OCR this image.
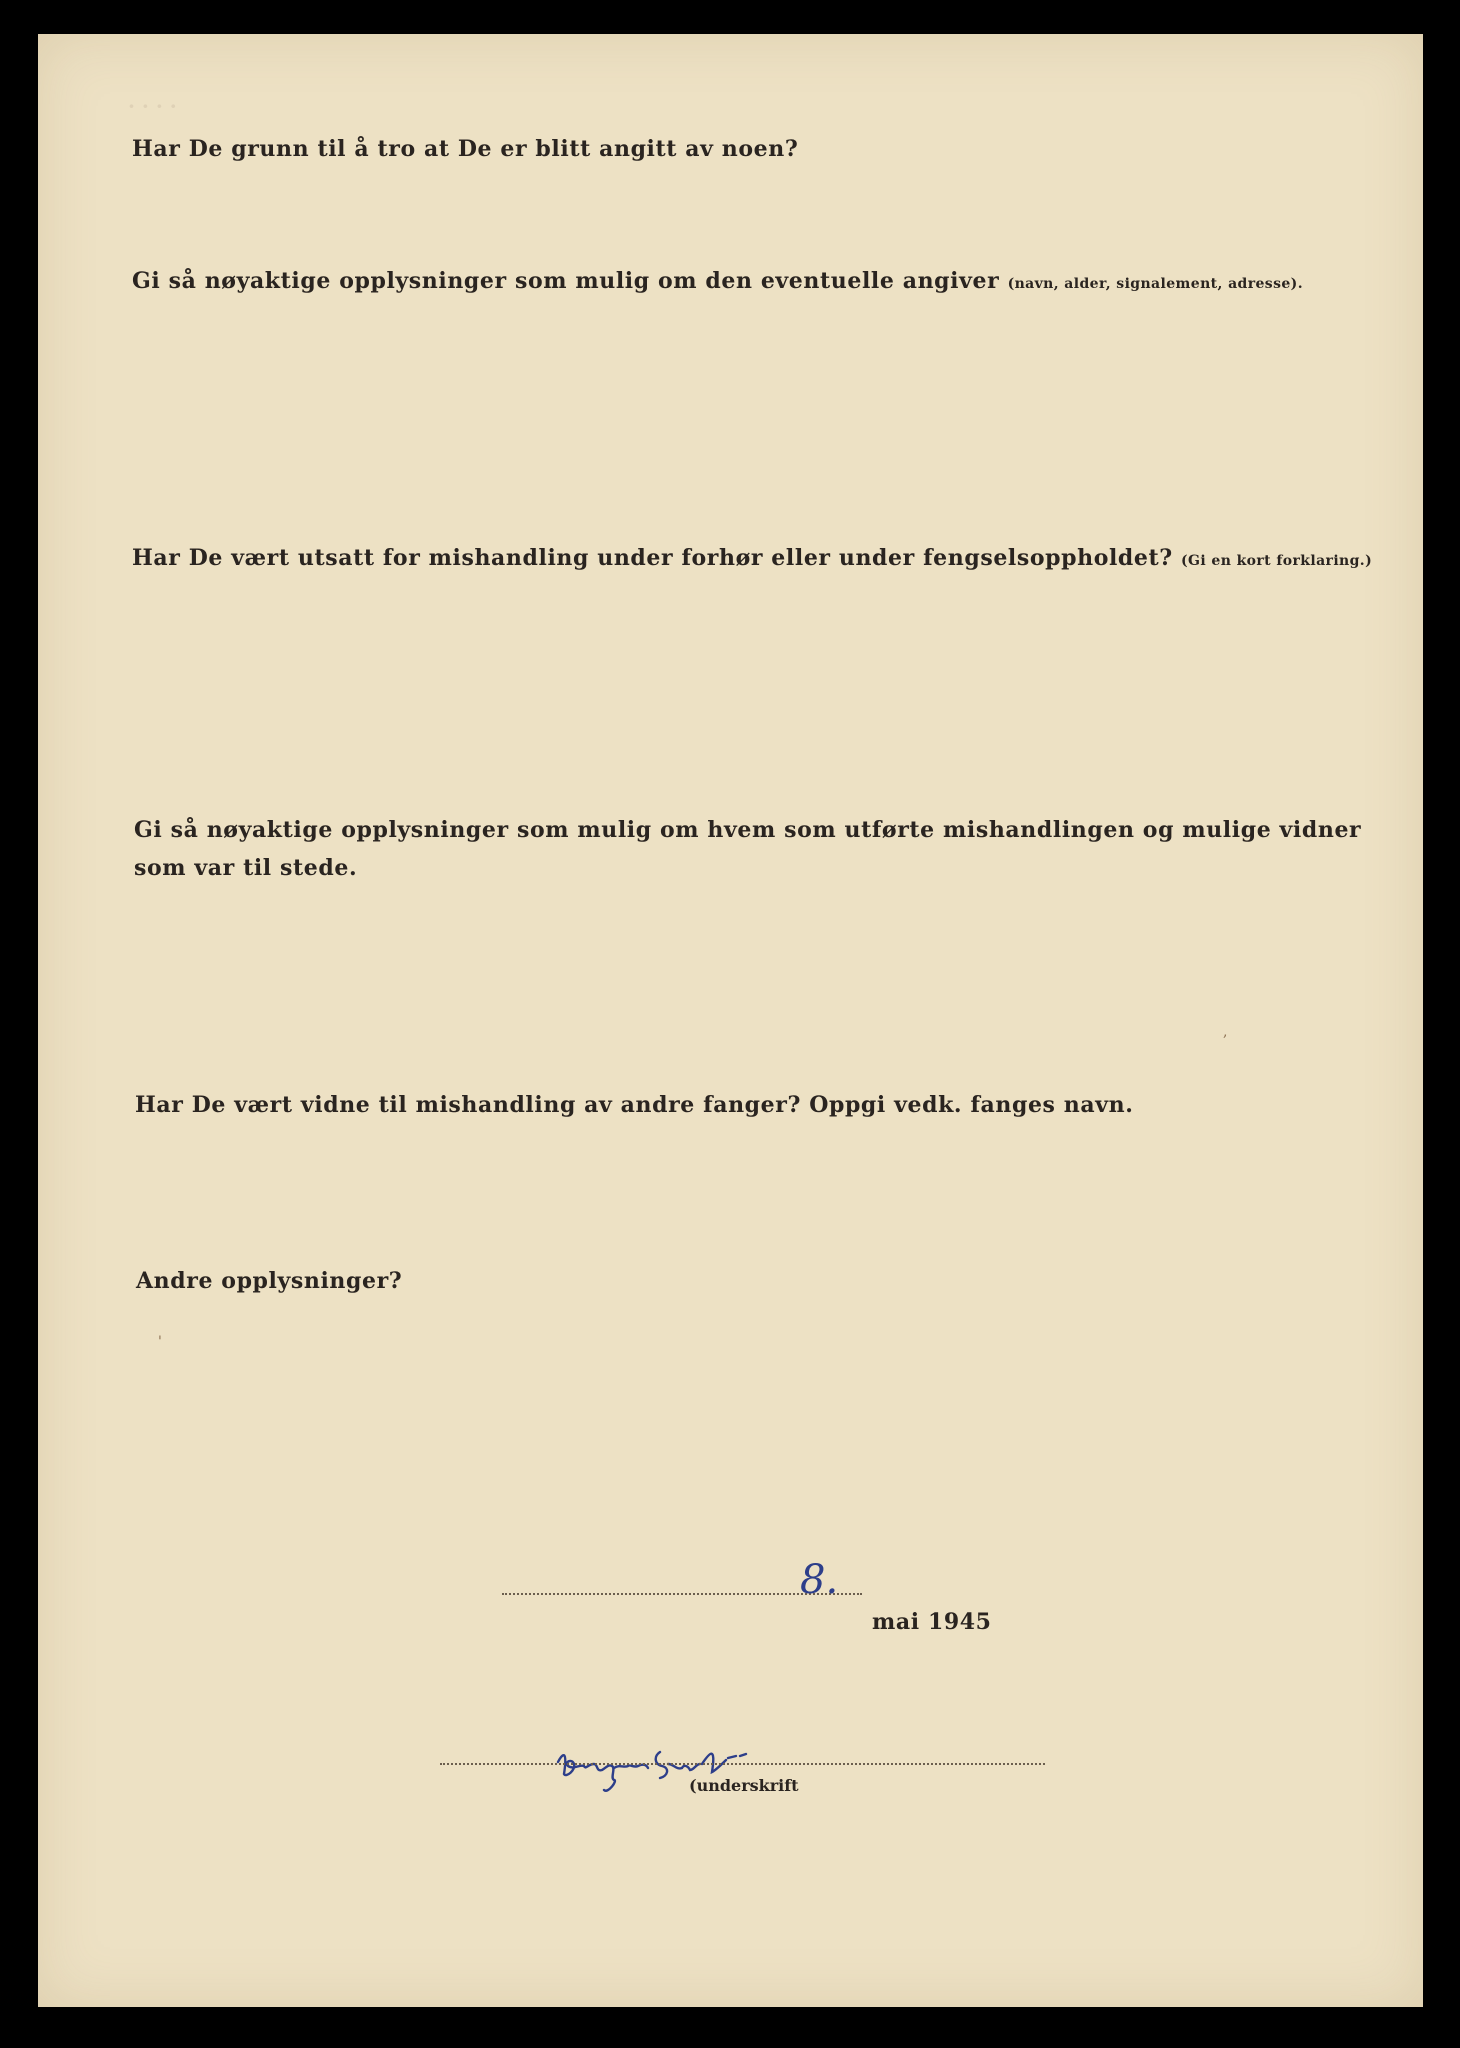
· · · ·
Har De grunn til å tro at De er blitt angitt av noen?
Gi så nøyaktige opplysninger som mulig om den eventuelle angiver (navn, alder, signalement, adresse).
Har De vært utsatt for mishandling under forhør eller under fengselsoppholdet? (Gi en kort forklaring.)
Gi så nøyaktige opplysninger som mulig om hvem som utførte mishandlingen og mulige vidner som var til stede.
Har De vært vidne til mishandling av andre fanger? Oppgi vedk. fanges navn.
Andre opplysninger?
8.
mai 1945
(underskrift
'
,
